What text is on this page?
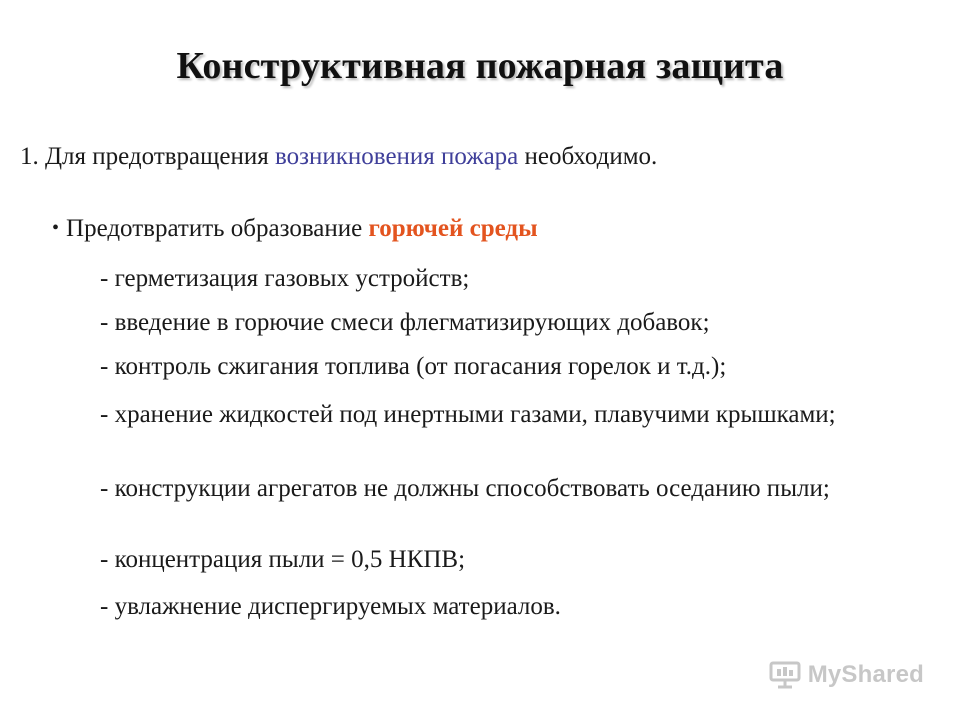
Конструктивная пожарная защита
1. Для предотвращения возникновения пожара необходимо.
• Предотвратить образование горючей среды
- герметизация газовых устройств;
- введение в горючие смеси флегматизирующих добавок;
- контроль сжигания топлива (от погасания горелок и т.д.);
- хранение жидкостей под инертными газами, плавучими крышками;
- конструкции агрегатов не должны способствовать оседанию пыли;
- концентрация пыли = 0,5 НКПВ;
- увлажнение диспергируемых материалов.
MyShared
